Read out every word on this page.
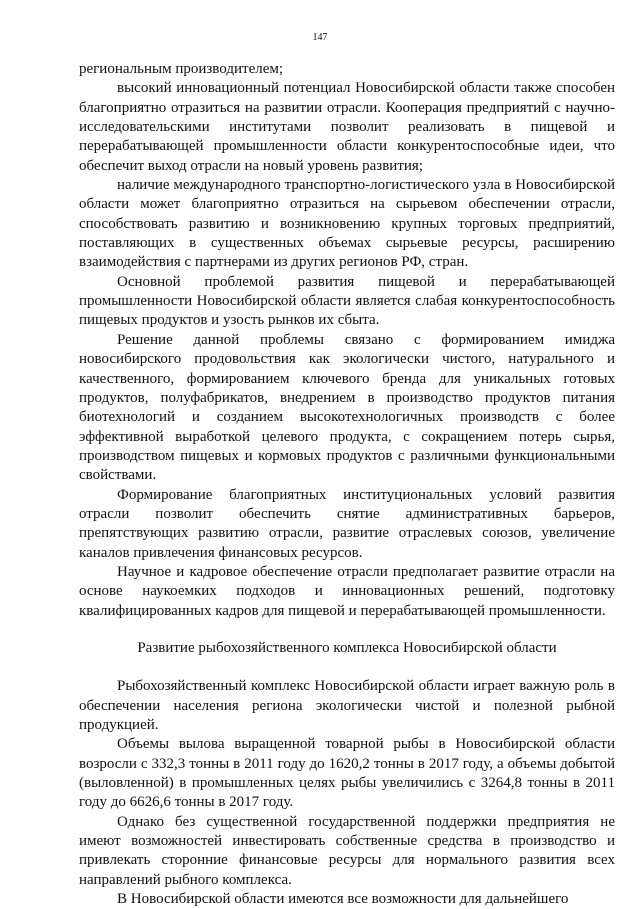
147

региональным производителем;

высокий инновационный потенциал Новосибирской области также способен благоприятно отразиться на развитии отрасли. Кооперация предприятий с научно-исследовательскими институтами позволит реализовать в пищевой и перерабатывающей промышленности области конкурентоспособные идеи, что обеспечит выход отрасли на новый уровень развития;

наличие международного транспортно-логистического узла в Новосибирской области может благоприятно отразиться на сырьевом обеспечении отрасли, способствовать развитию и возникновению крупных торговых предприятий, поставляющих в существенных объемах сырьевые ресурсы, расширению взаимодействия с партнерами из других регионов РФ, стран.

Основной проблемой развития пищевой и перерабатывающей промышленности Новосибирской области является слабая конкурентоспособность пищевых продуктов и узость рынков их сбыта.

Решение данной проблемы связано с формированием имиджа новосибирского продовольствия как экологически чистого, натурального и качественного, формированием ключевого бренда для уникальных готовых продуктов, полуфабрикатов, внедрением в производство продуктов питания биотехнологий и созданием высокотехнологичных производств с более эффективной выработкой целевого продукта, с сокращением потерь сырья, производством пищевых и кормовых продуктов с различными функциональными свойствами.

Формирование благоприятных институциональных условий развития отрасли позволит обеспечить снятие административных барьеров, препятствующих развитию отрасли, развитие отраслевых союзов, увеличение каналов привлечения финансовых ресурсов.

Научное и кадровое обеспечение отрасли предполагает развитие отрасли на основе наукоемких подходов и инновационных решений, подготовку квалифицированных кадров для пищевой и перерабатывающей промышленности.

Развитие рыбохозяйственного комплекса Новосибирской области

Рыбохозяйственный комплекс Новосибирской области играет важную роль в обеспечении населения региона экологически чистой и полезной рыбной продукцией.

Объемы вылова выращенной товарной рыбы в Новосибирской области возросли с 332,3 тонны в 2011 году до 1620,2 тонны в 2017 году, а объемы добытой (выловленной) в промышленных целях рыбы увеличились с 3264,8 тонны в 2011 году до 6626,6 тонны в 2017 году.

Однако без существенной государственной поддержки предприятия не имеют возможностей инвестировать собственные средства в производство и привлекать сторонние финансовые ресурсы для нормального развития всех направлений рыбного комплекса.

В Новосибирской области имеются все возможности для дальнейшего
